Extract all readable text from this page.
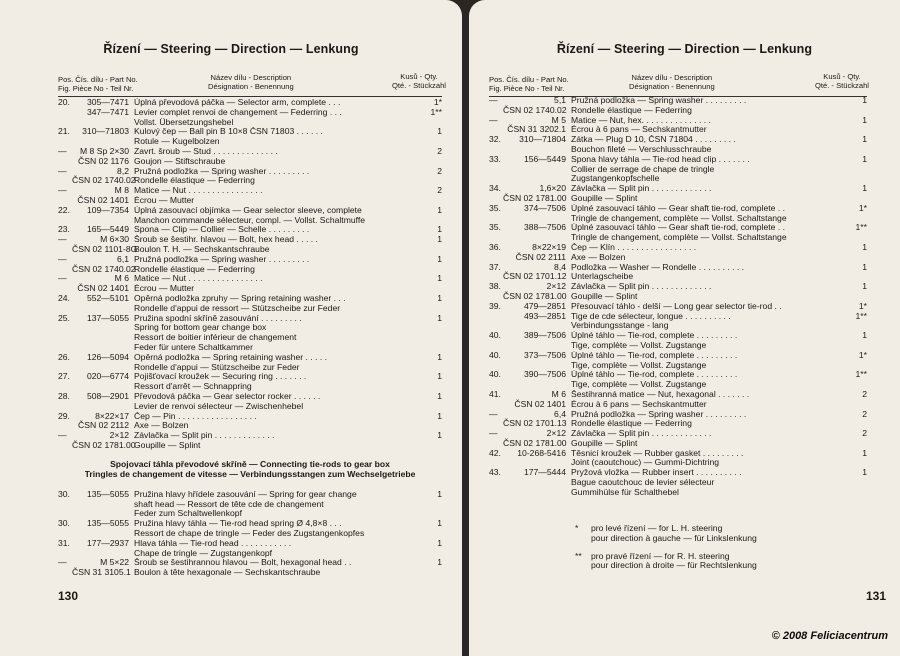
Řízení — Steering — Direction — Lenkung
Pos. Čís. dílu - Part No.
Fig. Pièce No - Teil Nr.
Název dílu - Description
Désignation - Benennung
Kusů - Qty.
Qté. - Stückzahl
20.	305—7471 Úplná převodová páčka — Selector arm, complete . . .	1*
347—7471 Levier complet renvoi de changement — Federring . . .	1**
Vollst. Übersetzungshebel
21.	310—71803 Kulový čep — Ball pin B 10×8 ČSN 71803 . . . . . .	1
Rotule — Kugelbolzen
—	M 8 Sp 2×30 Zavrt. šroub — Stud . . . . . . . . . . . . . .	2
ČSN 02 1176 Goujon — Stiftschraube
—	8,2 Pružná podložka — Spring washer . . . . . . . . .	2
ČSN 02 1740.02
Rondelle élastique — Federring
—	M 8 Matice — Nut . . . . . . . . . . . . . . . .	2
ČSN 02 1401 Écrou — Mutter
22.	109—7354 Úplná zasouvací objímka — Gear selector sleeve, complete	1
Manchon commande sélecteur, compl. — Vollst. Schaltmuffe
23.	165—5449 Spona — Clip — Collier — Schelle . . . . . . . . .	1
—	M 6×30 Šroub se šestihr. hlavou — Bolt, hex head . . . . .	1
ČSN 02 1101-8G
Boulon T. H. — Sechskantschraube
—	6,1 Pružná podložka — Spring washer . . . . . . . . .	1
ČSN 02 1740.02
Rondelle élastique — Federring
—	M 6 Matice — Nut . . . . . . . . . . . . . . . .	1
ČSN 02 1401 Écrou — Mutter
24.	552—5101 Opěrná podložka zpruhy — Spring retaining washer . . .	1
Rondelle d'appui de ressort — Stützscheibe zur Feder
25.	137—5055 Pružina spodní skříně zasouvání . . . . . . . . .	1
Spring for bottom gear change box
Ressort de boitier inférieur de changement
Feder für untere Schaltkammer
26.	126—5094 Opěrná podložka — Spring retaining washer . . . . .	1
Rondelle d'appui — Stützscheibe zur Feder
27.	020—6774 Pojišťovací kroužek — Securing ring . . . . . . .	1
Ressort d'arrêt — Schnappring
28.	508—2901 Převodová páčka — Gear selector rocker . . . . . .	1
Levier de renvoi sélecteur — Zwischenhebel
29.	8×22×17 Čep — Pin . . . . . . . . . . . . . . . . .	1
ČSN 02 2112 Axe — Bolzen
—	2×12 Závlačka — Split pin . . . . . . . . . . . . .	1
ČSN 02 1781.00
Goupille — Splint
Spojovací táhla převodové skříně — Connecting tie-rods to gear box
Tringles de changement de vitesse — Verbindungsstangen zum Wechselgetriebe
30.	135—5055 Pružina hlavy hřídele zasouvání — Spring for gear change	1
shaft head — Ressort de tête cde de changement
Feder zum Schaltwellenkopf
30.	135—5055 Pružina hlavy táhla — Tie-rod head spring Ø 4,8×8 . . .	1
Ressort de chape de tringle — Feder des Zugstangenkopfes
31.	177—2937 Hlava táhla — Tie-rod head . . . . . . . . . . .	1
Chape de tringle — Zugstangenkopf
—	M 5×22 Šroub se šestihrannou hlavou — Bolt, hexagonal head . .	1
ČSN 31 3105.1 Boulon à tête hexagonale — Sechskantschraube
130
Řízení — Steering — Direction — Lenkung
Pos. Čís. dílu - Part No.
Fig. Pièce No - Teil Nr.
Název dílu - Description
Désignation - Benennung
Kusů - Qty.
Qté. - Stückzahl
—	5,1 Pružná podložka — Spring washer . . . . . . . . .	1
ČSN 02 1740.02 Rondelle élastique — Federring
—	M 5 Matice — Nut, hex. . . . . . . . . . . . . . .	1
ČSN 31 3202.1 Écrou à 6 pans — Sechskantmutter
32.	310—71804 Zátka — Plug D 10, ČSN 71804 . . . . . . . . .	1
Bouchon fileté — Verschlusschraube
33.	156—5449 Spona hlavy táhla — Tie-rod head clip . . . . . . .	1
Collier de serrage de chape de tringle
Zugstangenkopfschelle
34.	1,6×20 Závlačka — Split pin . . . . . . . . . . . . .	1
ČSN 02 1781.00 Goupille — Splint
35.	374—7506 Úplné zasouvací táhlo — Gear shaft tie-rod, complete . .	1*
Tringle de changement, complète — Vollst. Schaltstange
35.	388—7506 Úplné zasouvací táhlo — Gear shaft tie-rod, complete . .	1**
Tringle de changement, complète — Vollst. Schaltstange
36.	8×22×19 Čep — Klín . . . . . . . . . . . . . . . . .	1
ČSN 02 2111 Axe — Bolzen
37.	8,4 Podložka — Washer — Rondelle . . . . . . . . . .	1
ČSN 02 1701.12 Unterlagscheibe
38.	2×12 Závlačka — Split pin . . . . . . . . . . . . .	1
ČSN 02 1781.00 Goupille — Splint
39.	479—2851 Přesouvací táhlo - delší — Long gear selector tie-rod . .	1*
493—2851 Tige de cde sélecteur, longue . . . . . . . . . .	1**
Verbindungsstange - lang
40.	389—7506 Úplné táhlo — Tie-rod, complete . . . . . . . . .	1
Tige, complète — Vollst. Zugstange
40.	373—7506 Úplné táhlo — Tie-rod, complete . . . . . . . . .	1*
Tige, complète — Vollst. Zugstange
40.	390—7506 Úplné táhlo — Tie-rod, complete . . . . . . . . .	1**
Tige, complète — Vollst. Zugstange
41.	M 6 Šestihranná matice — Nut, hexagonal . . . . . . .	2
ČSN 02 1401 Écrou à 6 pans — Sechskantmutter
—	6,4 Pružná podložka — Spring washer . . . . . . . . .	2
ČSN 02 1701.13 Rondelle élastique — Federring
—	2×12 Závlačka — Split pin . . . . . . . . . . . . .	2
ČSN 02 1781.00 Goupille — Splint
42.	10-268-5416 Těsnicí kroužek — Rubber gasket . . . . . . . . .	1
Joint (caoutchouc) — Gummi-Dichtring
43.	177—5444 Pryžová vložka — Rubber insert . . . . . . . . . .	1
Bague caoutchouc de levier sélecteur
Gummihülse für Schalthebel
*	pro levé řízení — for L. H. steering
pour direction à gauche — für Linkslenkung
**	pro pravé řízení — for R. H. steering
pour direction à droite — für Rechtslenkung
131
© 2008 Feliciacentrum
